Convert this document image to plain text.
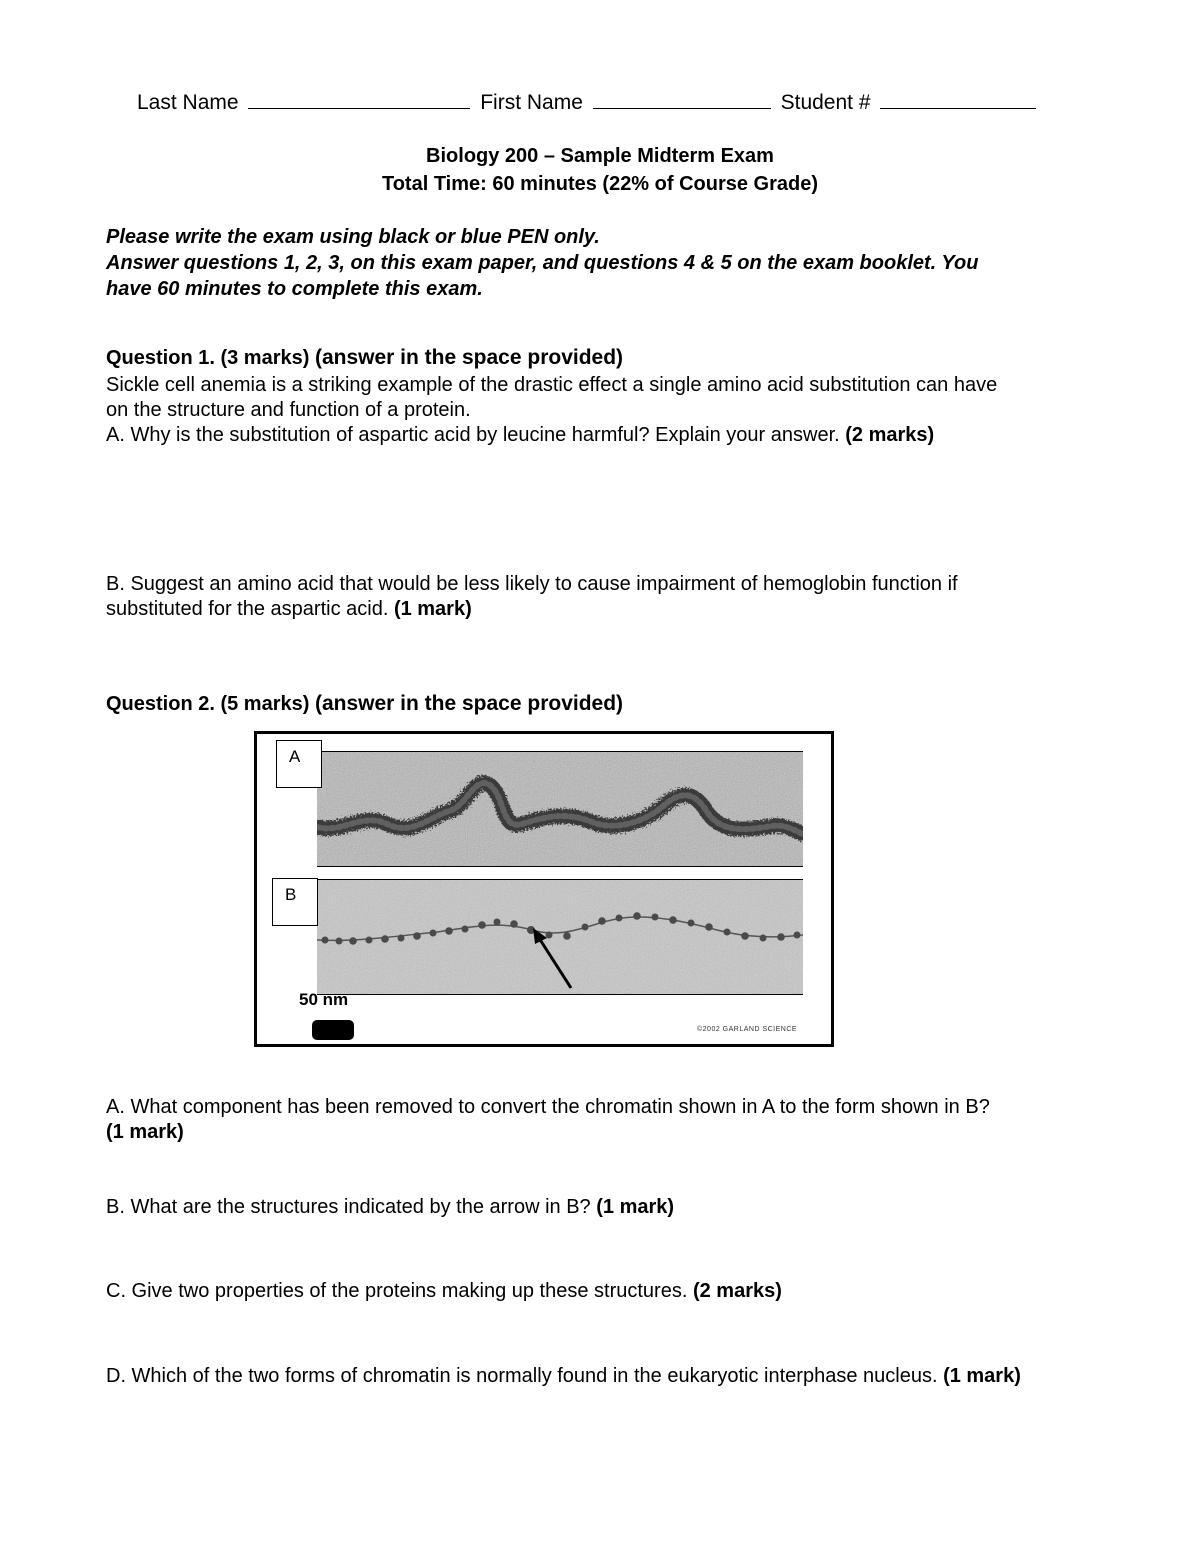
Last Name	First Name	Student #
Biology 200 – Sample Midterm Exam
Total Time: 60 minutes (22% of Course Grade)
Please write the exam using black or blue PEN only.
Answer questions 1, 2, 3, on this exam paper, and questions 4 & 5 on the exam booklet. You
have 60 minutes to complete this exam.
Question 1. (3 marks) (answer in the space provided)
Sickle cell anemia is a striking example of the drastic effect a single amino acid substitution can have
on the structure and function of a protein.
A. Why is the substitution of aspartic acid by leucine harmful? Explain your answer. (2 marks)
B. Suggest an amino acid that would be less likely to cause impairment of hemoglobin function if
substituted for the aspartic acid. (1 mark)
Question 2. (5 marks) (answer in the space provided)
A
B
50 nm
©2002 GARLAND SCIENCE
A. What component has been removed to convert the chromatin shown in A to the form shown in B?
(1 mark)
B. What are the structures indicated by the arrow in B? (1 mark)
C. Give two properties of the proteins making up these structures. (2 marks)
D. Which of the two forms of chromatin is normally found in the eukaryotic interphase nucleus. (1 mark)
